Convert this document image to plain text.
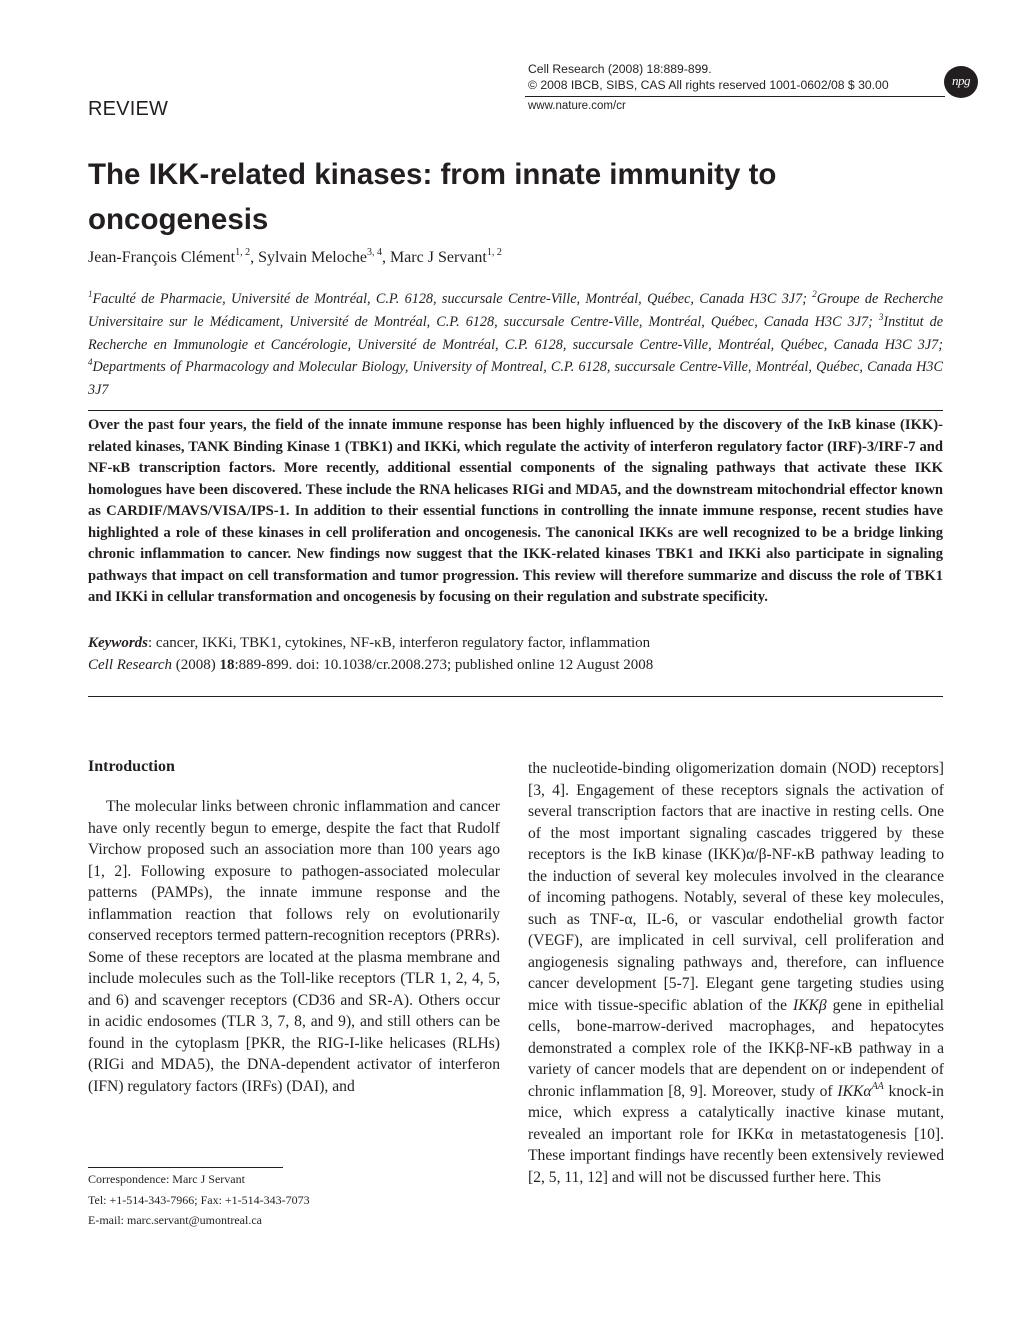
Cell Research (2008) 18:889-899.
© 2008 IBCB, SIBS, CAS All rights reserved 1001-0602/08 $ 30.00
www.nature.com/cr
npg
REVIEW
The IKK-related kinases: from innate immunity to oncogenesis
Jean-François Clément$^{1, 2}$, Sylvain Meloche$^{3, 4}$, Marc J Servant$^{1, 2}$
$^1$Faculté de Pharmacie, Université de Montréal, C.P. 6128, succursale Centre-Ville, Montréal, Québec, Canada H3C 3J7; $^2$Groupe de Recherche Universitaire sur le Médicament, Université de Montréal, C.P. 6128, succursale Centre-Ville, Montréal, Québec, Canada H3C 3J7; $^3$Institut de Recherche en Immunologie et Cancérologie, Université de Montréal, C.P. 6128, succursale Centre-Ville, Montréal, Québec, Canada H3C 3J7; $^4$Departments of Pharmacology and Molecular Biology, University of Montreal, C.P. 6128, succursale Centre-Ville, Montréal, Québec, Canada H3C 3J7
Over the past four years, the field of the innate immune response has been highly influenced by the discovery of the IκB kinase (IKK)-related kinases, TANK Binding Kinase 1 (TBK1) and IKKi, which regulate the activity of interferon regulatory factor (IRF)-3/IRF-7 and NF-κB transcription factors. More recently, additional essential components of the signaling pathways that activate these IKK homologues have been discovered. These include the RNA helicases RIGi and MDA5, and the downstream mitochondrial effector known as CARDIF/MAVS/VISA/IPS-1. In addition to their essential functions in controlling the innate immune response, recent studies have highlighted a role of these kinases in cell proliferation and oncogenesis. The canonical IKKs are well recognized to be a bridge linking chronic inflammation to cancer. New findings now suggest that the IKK-related kinases TBK1 and IKKi also participate in signaling pathways that impact on cell transformation and tumor progression. This review will therefore summarize and discuss the role of TBK1 and IKKi in cellular transformation and oncogenesis by focusing on their regulation and substrate specificity.
Keywords: cancer, IKKi, TBK1, cytokines, NF-κB, interferon regulatory factor, inflammation
Cell Research (2008) 18:889-899. doi: 10.1038/cr.2008.273; published online 12 August 2008
Introduction

The molecular links between chronic inflammation and cancer have only recently begun to emerge, despite the fact that Rudolf Virchow proposed such an association more than 100 years ago [1, 2]. Following exposure to pathogen-associated molecular patterns (PAMPs), the innate immune response and the inflammation reaction that follows rely on evolutionarily conserved receptors termed pattern-recognition receptors (PRRs). Some of these receptors are located at the plasma membrane and include molecules such as the Toll-like receptors (TLR 1, 2, 4, 5, and 6) and scavenger receptors (CD36 and SR-A). Others occur in acidic endosomes (TLR 3, 7, 8, and 9), and still others can be found in the cytoplasm [PKR, the RIG-I-like helicases (RLHs) (RIGi and MDA5), the DNA-dependent activator of interferon (IFN) regulatory factors (IRFs) (DAI), and

the nucleotide-binding oligomerization domain (NOD) receptors] [3, 4]. Engagement of these receptors signals the activation of several transcription factors that are inactive in resting cells. One of the most important signaling cascades triggered by these receptors is the IκB kinase (IKK)α/β-NF-κB pathway leading to the induction of several key molecules involved in the clearance of incoming pathogens. Notably, several of these key molecules, such as TNF-α, IL-6, or vascular endothelial growth factor (VEGF), are implicated in cell survival, cell proliferation and angiogenesis signaling pathways and, therefore, can influence cancer development [5-7]. Elegant gene targeting studies using mice with tissue-specific ablation of the IKKβ gene in epithelial cells, bone-marrow-derived macrophages, and hepatocytes demonstrated a complex role of the IKKβ-NF-κB pathway in a variety of cancer models that are dependent on or independent of chronic inflammation [8, 9]. Moreover, study of IKKα$^{AA}$ knock-in mice, which express a catalytically inactive kinase mutant, revealed an important role for IKKα in metastatogenesis [10]. These important findings have recently been extensively reviewed [2, 5, 11, 12] and will not be discussed further here. This

Correspondence: Marc J Servant
Tel: +1-514-343-7966; Fax: +1-514-343-7073
E-mail: marc.servant@umontreal.ca
